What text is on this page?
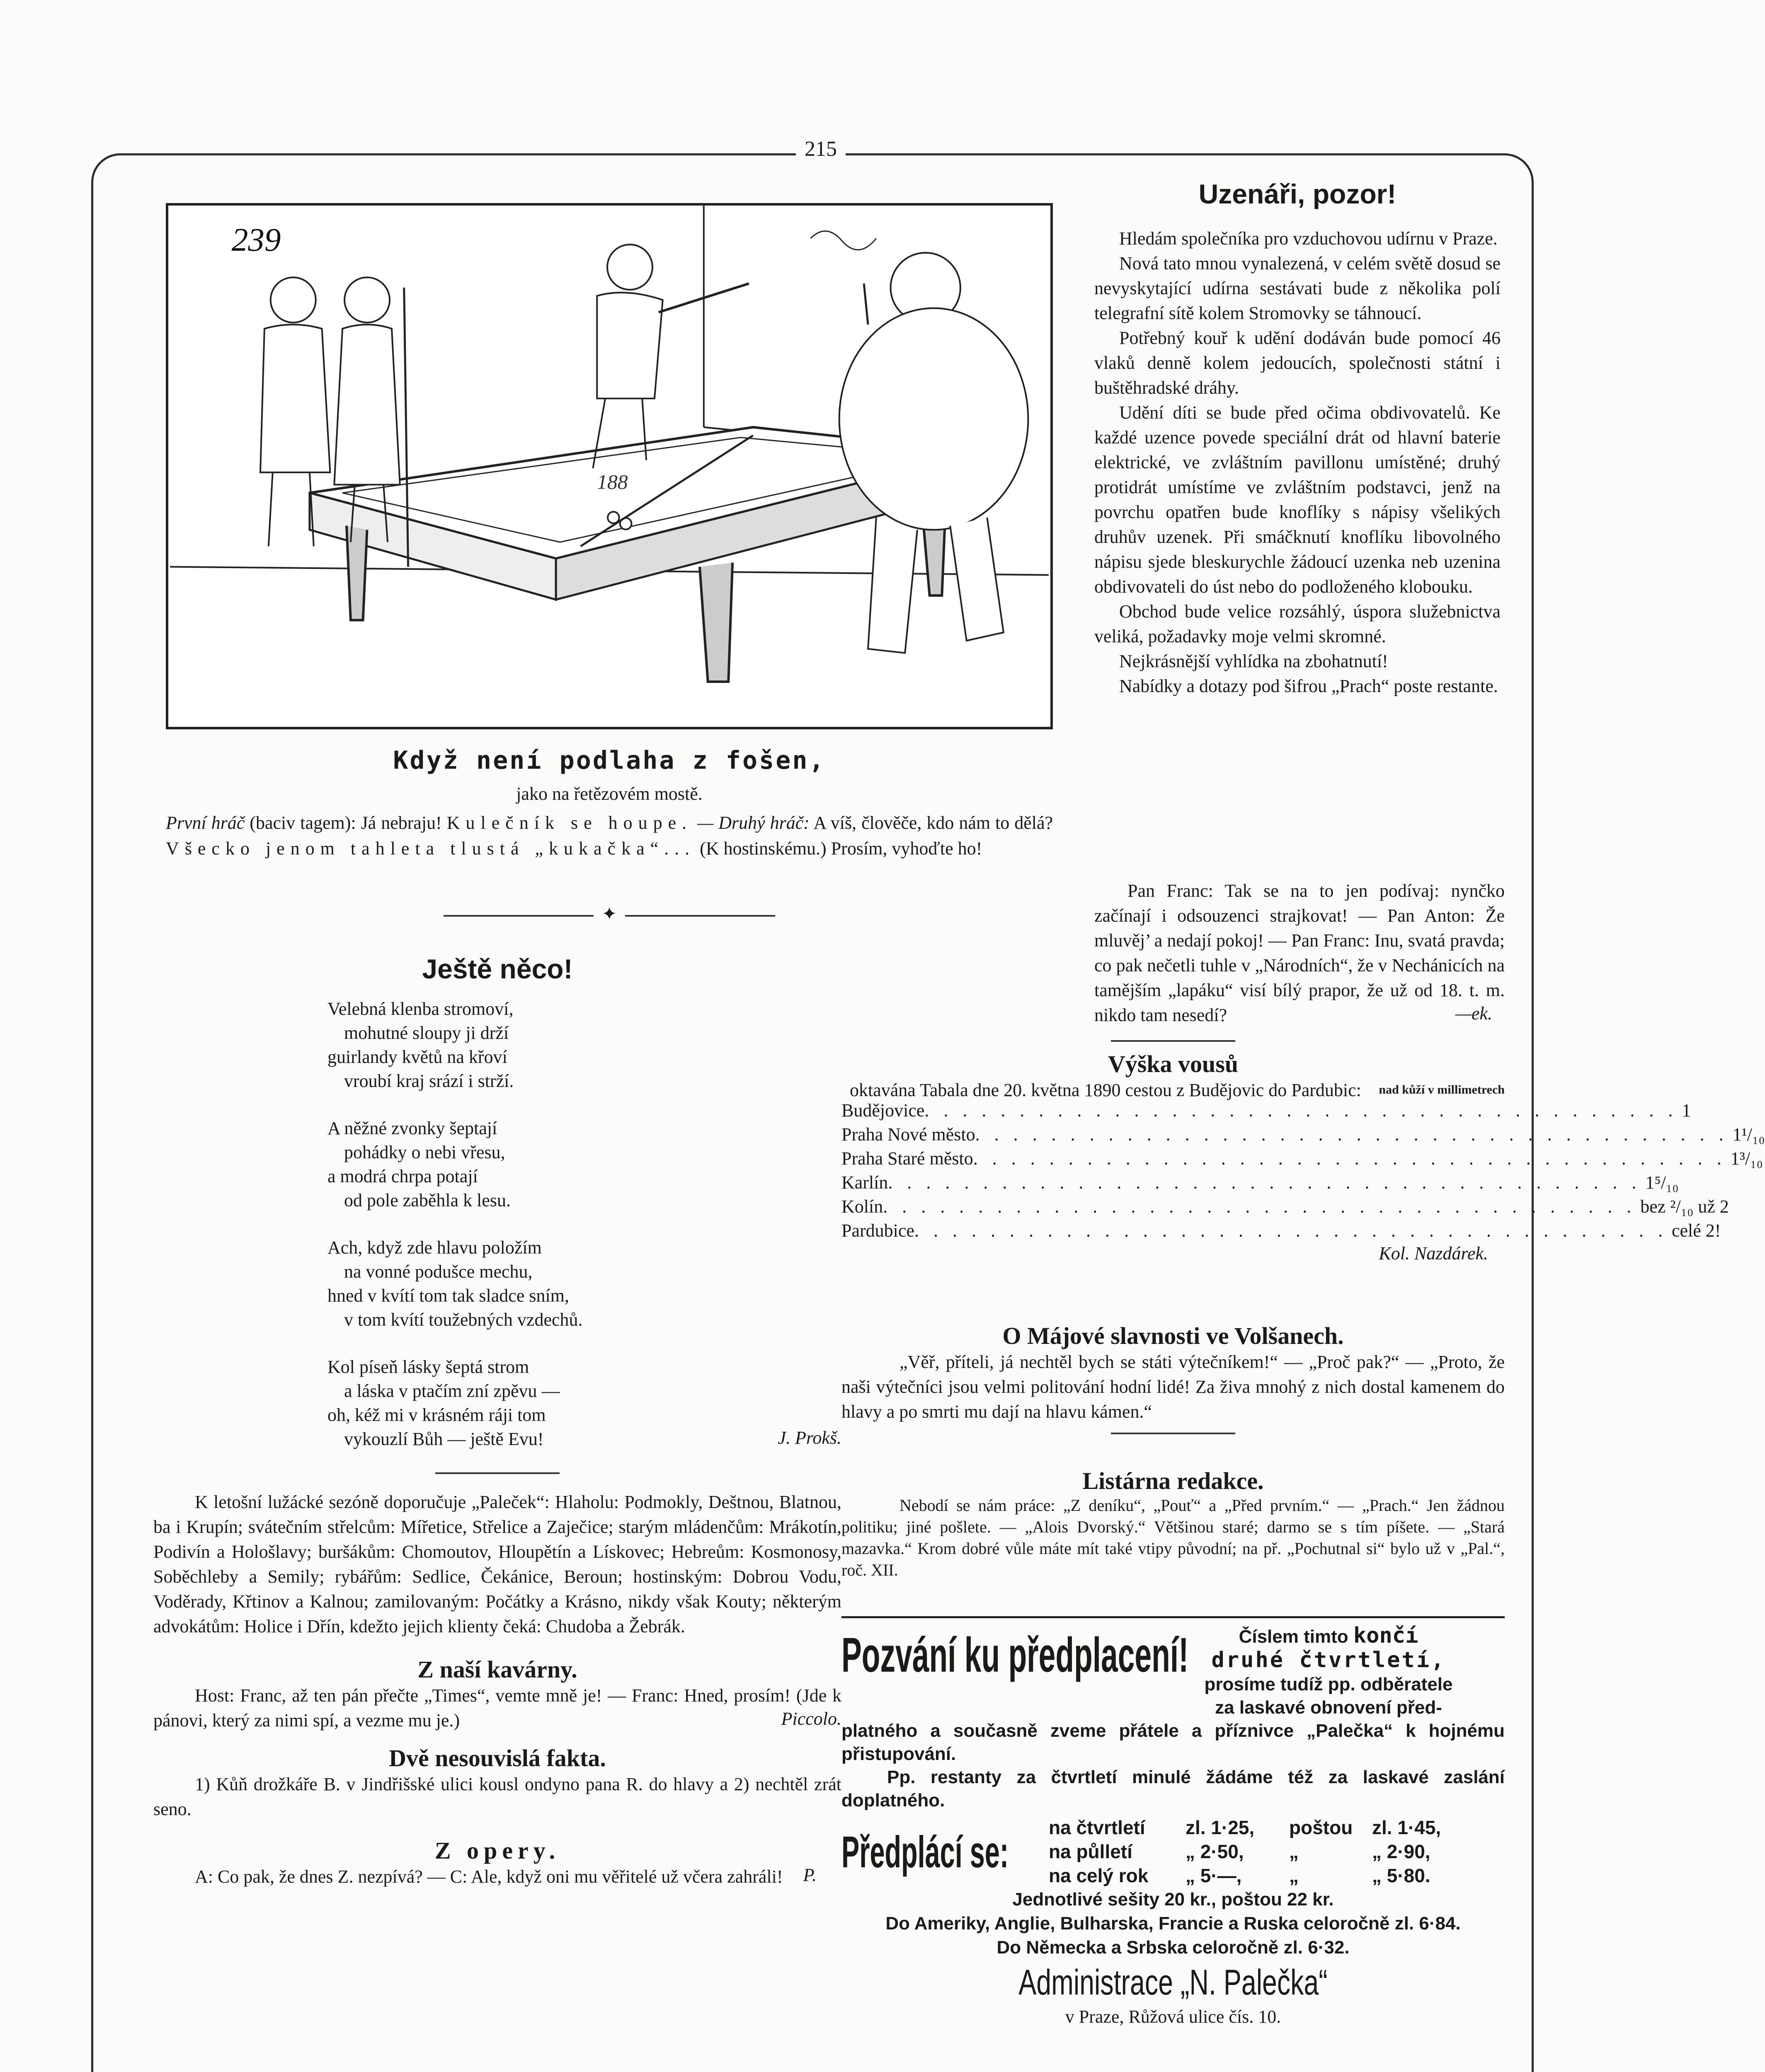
215
239
188
Když není podlaha z fošen,
jako na řetězovém mostě.
První hráč (baciv tagem): Já nebraju! Kulečník se houpe. — Druhý hráč: A víš, člověče, kdo nám to dělá? Všecko jenom tahleta tlustá „kukačka“... (K hostinskému.) Prosím, vyhoďte ho!
✦
Ještě něco!
Velebná klenba stromoví,
mohutné sloupy ji drží
guirlandy květů na křoví
vroubí kraj srází i strží.
A něžné zvonky šeptají
pohádky o nebi vřesu,
a modrá chrpa potají
od pole zaběhla k lesu.
Ach, když zde hlavu položím
na vonné podušce mechu,
hned v kvítí tom tak sladce sním,
v tom kvítí toužebných vzdechů.
Kol píseň lásky šeptá strom
a láska v ptačím zní zpěvu —
oh, kéž mi v krásném ráji tom
vykouzlí Bůh — ještě Evu!	J. Prokš.

K letošní lužácké sezóně doporučuje „Paleček“: Hlaholu: Podmokly, Deštnou, Blatnou, ba i Krupín; svátečním střelcům: Mířetice, Střelice a Zaječice; starým mládenčům: Mrákotín, Podivín a Hološlavy; buršákům: Chomoutov, Hloupětín a Lískovec; Hebreům: Kosmonosy, Soběchleby a Semily; rybářům: Sedlice, Čekánice, Beroun; hostinským: Dobrou Vodu, Voděrady, Křtinov a Kalnou; zamilovaným: Počátky a Krásno, nikdy však Kouty; některým advokátům: Holice i Dřín, kdežto jejich klienty čeká: Chudoba a Žebrák.

Z naší kavárny.

Host: Franc, až ten pán přečte „Times“, vemte mně je! — Franc: Hned, prosím! (Jde k pánovi, který za nimi spí, a vezme mu je.)	Piccolo.
Dvě nesouvislá fakta.

1) Kůň drožkáře B. v Jindřišské ulici kousl ondyno pana R. do hlavy a 2) nechtěl zrát seno.

Z opery.

A: Co pak, že dnes Z. nezpívá? — C: Ale, když oni mu věřitelé už včera zahráli!	P.
Uzenáři, pozor!

Hledám společníka pro vzduchovou udírnu v Praze.

Nová tato mnou vynalezená, v celém světě dosud se nevyskytající udírna sestávati bude z několika polí telegrafní sítě kolem Stromovky se táhnoucí.

Potřebný kouř k udění dodáván bude pomocí 46 vlaků denně kolem jedoucích, společnosti státní i buštěhradské dráhy.

Udění díti se bude před očima obdivovatelů. Ke každé uzence povede speciální drát od hlavní baterie elektrické, ve zvláštním pavillonu umístěné; druhý protidrát umístíme ve zvláštním podstavci, jenž na povrchu opatřen bude knoflíky s nápisy všelikých druhův uzenek. Při smáčknutí knoflíku libovolného nápisu sjede bleskurychle žádoucí uzenka neb uzenina obdivovateli do úst nebo do podloženého klobouku.

Obchod bude velice rozsáhlý, úspora služebnictva veliká, požadavky moje velmi skromné.

Nejkrásnější vyhlídka na zbohatnutí!

Nabídky a dotazy pod šifrou „Prach“ poste restante.

Pan Franc: Tak se na to jen podívaj: nynčko začínají i odsouzenci strajkovat! — Pan Anton: Že mluvěj’ a nedají pokoj! — Pan Franc: Inu, svatá pravda; co pak nečetli tuhle v „Národních“, že v Nechánicích na tamějším „lapáku“ visí bílý prapor, že už od 18. t. m. nikdo tam nesedí?	—ek.
Výška vousů

oktavána Tabala dne 20. května 1890 cestou z Budějovic do Pardubic:	nad kůží v millimetrech
Budějovice . . . . . . . . . . . . . . . . . . . . . . . . . . . . . . . . . . . . . . . . 1
Praha Nové město . . . . . . . . . . . . . . . . . . . . . . . . . . . . . . . . . . . . . . . . 1¹/₁₀
Praha Staré město . . . . . . . . . . . . . . . . . . . . . . . . . . . . . . . . . . . . . . . . 1³/₁₀
Karlín . . . . . . . . . . . . . . . . . . . . . . . . . . . . . . . . . . . . . . . . 1⁵/₁₀
Kolín . . . . . . . . . . . . . . . . . . . . . . . . . . . . . . . . . . . . . . . . bez ²/₁₀ už 2
Pardubice . . . . . . . . . . . . . . . . . . . . . . . . . . . . . . . . . . . . . . . . celé 2!
Kol. Nazdárek.
O Májové slavnosti ve Volšanech.

„Věř, příteli, já nechtěl bych se státi výtečníkem!“ — „Proč pak?“ — „Proto, že naši výtečníci jsou velmi politování hodní lidé! Za živa mnohý z nich dostal kamenem do hlavy a po smrti mu dají na hlavu kámen.“

Listárna redakce.

Nebodí se nám práce: „Z deníku“, „Pouť“ a „Před prvním.“ — „Prach.“ Jen žádnou politiku; jiné pošlete. — „Alois Dvorský.“ Většinou staré; darmo se s tím píšete. — „Stará mazavka.“ Krom dobré vůle máte mít také vtipy původní; na př. „Pochutnal si“ bylo už v „Pal.“, roč. XII.

Pozvání ku předplacení!	Číslem timto končí
druhé čtvrtletí,
prosíme tudíž pp. odběratele
za laskavé obnovení před-

platného a současně zveme přátele a příznivce „Palečka“ k hojnému přistupování.

Pp. restanty za čtvrtletí minulé žádáme též za laskavé zaslání doplatného.

Předplácí se: na čtvrtletí	zl. 1·25,	poštou	zl. 1·45,
na půlletí	„ 2·50,	„	„ 2·90,
na celý rok	„ 5·—,	„	„ 5·80.

Jednotlivé sešity 20 kr., poštou 22 kr.

Do Ameriky, Anglie, Bulharska, Francie a Ruska celoročně zl. 6·84.

Do Německa a Srbska celoročně zl. 6·32.

Administrace „N. Palečka“

v Praze, Růžová ulice čís. 10.
